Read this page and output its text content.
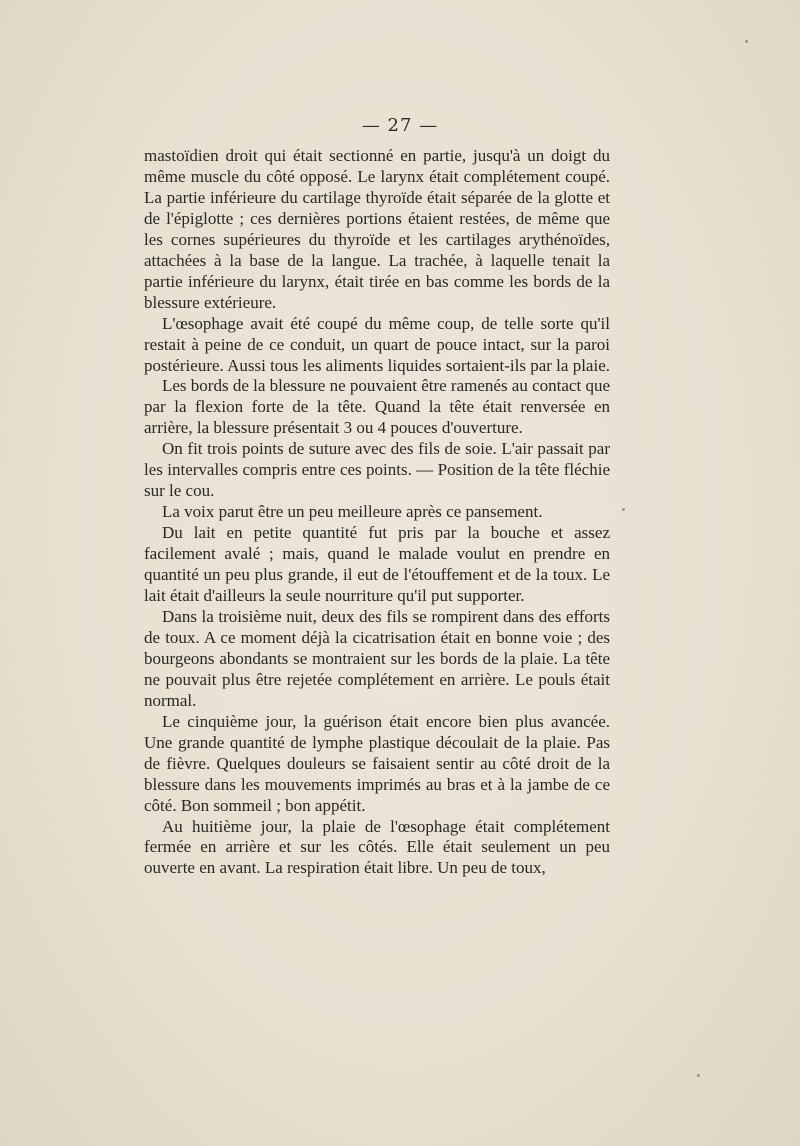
— 27 —

mastoïdien droit qui était sectionné en partie, jusqu'à un doigt du même muscle du côté opposé. Le larynx était complétement coupé. La partie inférieure du cartilage thyroïde était séparée de la glotte et de l'épiglotte ; ces dernières portions étaient restées, de même que les cornes supérieures du thyroïde et les cartilages arythénoïdes, attachées à la base de la langue. La trachée, à laquelle tenait la partie inférieure du larynx, était tirée en bas comme les bords de la blessure extérieure.

L'œsophage avait été coupé du même coup, de telle sorte qu'il restait à peine de ce conduit, un quart de pouce intact, sur la paroi postérieure. Aussi tous les aliments liquides sortaient-ils par la plaie.

Les bords de la blessure ne pouvaient être ramenés au contact que par la flexion forte de la tête. Quand la tête était renversée en arrière, la blessure présentait 3 ou 4 pouces d'ouverture.

On fit trois points de suture avec des fils de soie. L'air passait par les intervalles compris entre ces points. — Position de la tête fléchie sur le cou.

La voix parut être un peu meilleure après ce pansement.

Du lait en petite quantité fut pris par la bouche et assez facilement avalé ; mais, quand le malade voulut en prendre en quantité un peu plus grande, il eut de l'étouffement et de la toux. Le lait était d'ailleurs la seule nourriture qu'il put supporter.

Dans la troisième nuit, deux des fils se rompirent dans des efforts de toux. A ce moment déjà la cicatrisation était en bonne voie ; des bourgeons abondants se montraient sur les bords de la plaie. La tête ne pouvait plus être rejetée complétement en arrière. Le pouls était normal.

Le cinquième jour, la guérison était encore bien plus avancée. Une grande quantité de lymphe plastique découlait de la plaie. Pas de fièvre. Quelques douleurs se faisaient sentir au côté droit de la blessure dans les mouvements imprimés au bras et à la jambe de ce côté. Bon sommeil ; bon appétit.

Au huitième jour, la plaie de l'œsophage était complétement fermée en arrière et sur les côtés. Elle était seulement un peu ouverte en avant. La respiration était libre. Un peu de toux,
